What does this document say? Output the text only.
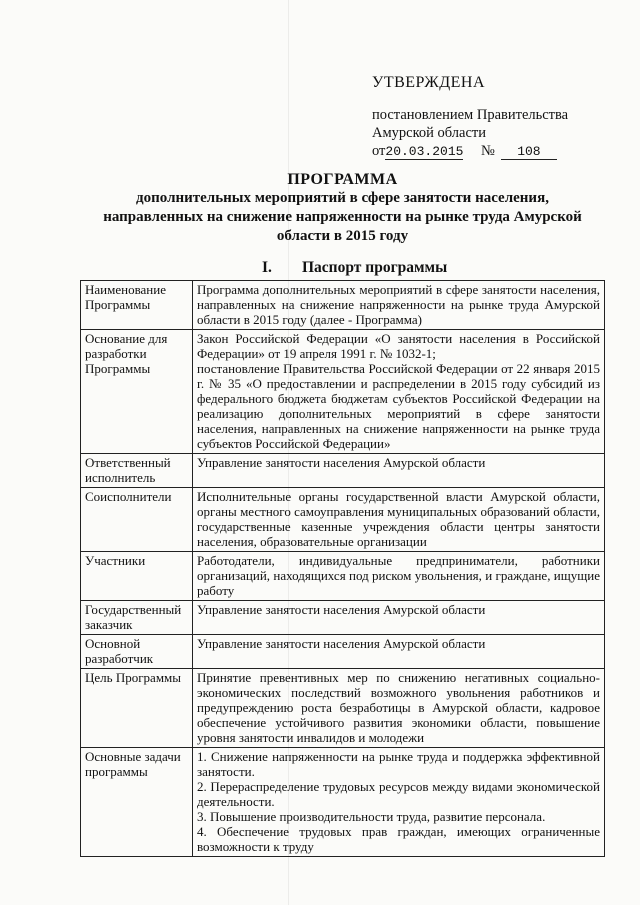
УТВЕРЖДЕНА
постановлением Правительства
Амурской области
от20.03.2015 № 108
ПРОГРАММА
дополнительных мероприятий в сфере занятости населения,
направленных на снижение напряженности на рынке труда Амурской
области в 2015 году
I. Паспорт программы
Наименование Программы	Программа дополнительных мероприятий в сфере занятости населения, направленных на снижение напряженности на рынке труда Амурской области в 2015 году (далее - Программа)

Основание для разработки Программы	Закон Российской Федерации «О занятости населения в Российской Федерации» от 19 апреля 1991 г. № 1032-1;

постановление Правительства Российской Федерации от 22 января 2015 г. № 35 «О предоставлении и распределении в 2015 году субсидий из федерального бюджета бюджетам субъектов Российской Федерации на реализацию дополнительных мероприятий в сфере занятости населения, направленных на снижение напряженности на рынке труда субъектов Российской Федерации»

Ответственный исполнитель	Управление занятости населения Амурской области

Соисполнители	Исполнительные органы государственной власти Амурской области, органы местного самоуправления муниципальных образований области, государственные казенные учреждения области центры занятости населения, образовательные организации

Участники	Работодатели, индивидуальные предприниматели, работники организаций, находящихся под риском увольнения, и граждане, ищущие работу

Государственный заказчик	Управление занятости населения Амурской области

Основной разработчик	Управление занятости населения Амурской области

Цель Программы	Принятие превентивных мер по снижению негативных социально-экономических последствий возможного увольнения работников и предупреждению роста безработицы в Амурской области, кадровое обеспечение устойчивого развития экономики области, повышение уровня занятости инвалидов и молодежи

Основные задачи программы	1. Снижение напряженности на рынке труда и поддержка эффективной занятости.

2. Перераспределение трудовых ресурсов между видами экономической деятельности.

3. Повышение производительности труда, развитие персонала.

4. Обеспечение трудовых прав граждан, имеющих ограниченные возможности к труду
